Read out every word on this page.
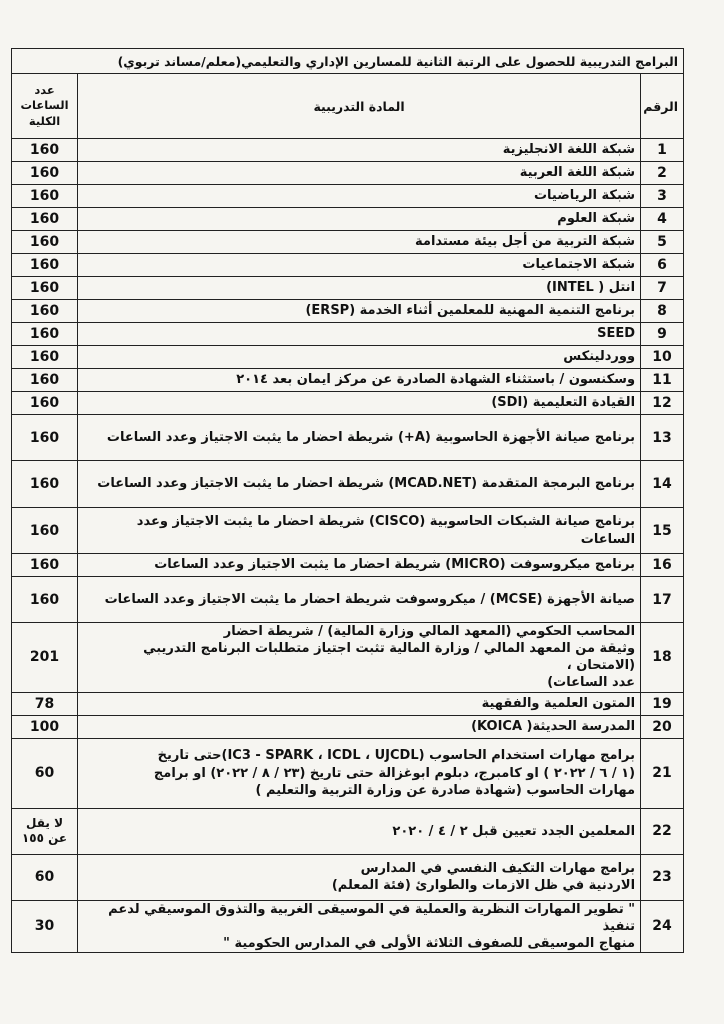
البرامج التدريبية للحصول على الرتبة الثانية للمسارين الإداري والتعليمي(معلم/مساند تربوي)		
الرقم	المادة التدريبية	عدد الساعات الكلية
1	شبكة اللغة الانجليزية	160
2	شبكة اللغة العربية	160
3	شبكة الرياضيات	160
4	شبكة العلوم	160
5	شبكة التربية من أجل بيئة مستدامة	160
6	شبكة الاجتماعيات	160
7	انتل ( INTEL)	160
8	برنامج التنمية المهنية للمعلمين أثناء الخدمة (ERSP)	160
9	SEED	160
10	ووردلينكس	160
11	وسكنسون / باستثناء الشهادة الصادرة عن مركز ايمان بعد ٢٠١٤	160
12	القيادة التعليمية (SDI)	160
13	برنامج صيانة الأجهزة الحاسوبية (A+) شريطة احضار ما يثبت الاجتياز وعدد الساعات	160
14	برنامج البرمجة المتقدمة (MCAD.NET) شريطة احضار ما يثبت الاجتياز وعدد الساعات	160
15	برنامج صيانة الشبكات الحاسوبية (CISCO) شريطة احضار ما يثبت الاجتياز وعدد
الساعات	160
16	برنامج ميكروسوفت (MICRO) شريطة احضار ما يثبت الاجتياز وعدد الساعات	160
17	صيانة الأجهزة (MCSE) / ميكروسوفت شريطة احضار ما يثبت الاجتياز وعدد الساعات	160
18	المحاسب الحكومي (المعهد المالي وزارة المالية) / شريطة احضار
وثيقة من المعهد المالي / وزارة المالية تثبت اجتياز متطلبات البرنامج التدريبي (الامتحان ،
عدد الساعات)	201
19	المتون العلمية والفقهية	78
20	المدرسة الحديثة( KOICA)	100
21	برامج مهارات استخدام الحاسوب (IC3 - SPARK ، ICDL ، UJCDL)حتى تاريخ
(١ / ٦ / ٢٠٢٢ ) او كامبرج، دبلوم ابوغزالة حتى تاريخ (٢٣ / ٨ / ٢٠٢٢) او برامج
مهارات الحاسوب (شهادة صادرة عن وزارة التربية والتعليم )	60
22	المعلمين الجدد تعيين قبل ٢ / ٤ / ٢٠٢٠	لا يقل عن ١٥٥
23	برامج مهارات التكيف النفسي في المدارس
الاردنية في ظل الازمات والطوارئ (فئة المعلم)	60
24	" تطوير المهارات النظرية والعملية في الموسيقى الغربية والتذوق الموسيقي لدعم تنفيذ
منهاج الموسيقى للصفوف الثلاثة الأولى في المدارس الحكومية "	30
